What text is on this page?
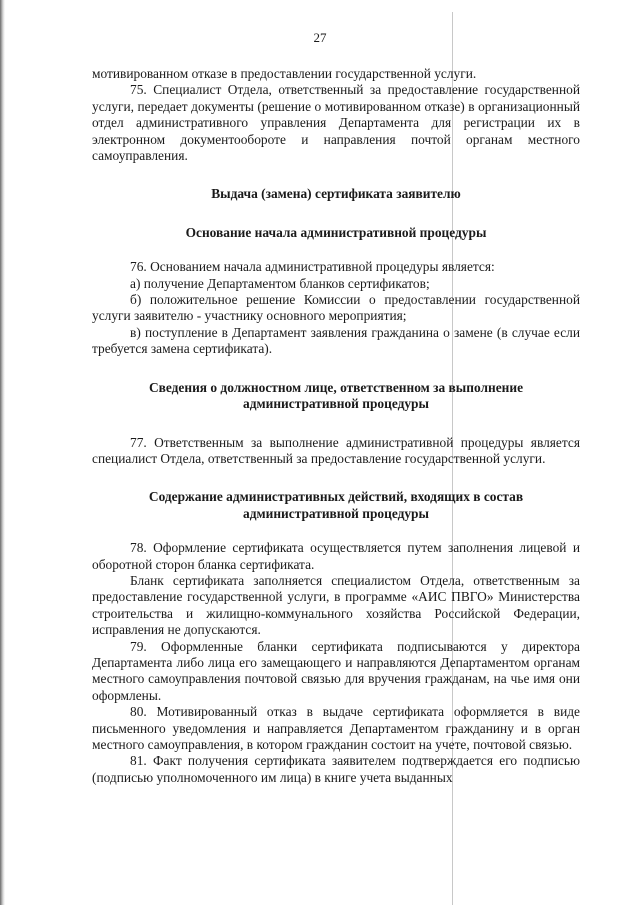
27

мотивированном отказе в предоставлении государственной услуги.

75. Специалист Отдела, ответственный за предоставление государственной услуги, передает документы (решение о мотивированном отказе) в организационный отдел административного управления Департамента для регистрации их в электронном документообороте и направления почтой органам местного самоуправления.

Выдача (замена) сертификата заявителю
Основание начала административной процедуры

76. Основанием начала административной процедуры является:

а) получение Департаментом бланков сертификатов;

б) положительное решение Комиссии о предоставлении государственной услуги заявителю - участнику основного мероприятия;

в) поступление в Департамент заявления гражданина о замене (в случае если требуется замена сертификата).

Сведения о должностном лице, ответственном за выполнение административной процедуры

77. Ответственным за выполнение административной процедуры является специалист Отдела, ответственный за предоставление государственной услуги.

Содержание административных действий, входящих в состав административной процедуры

78. Оформление сертификата осуществляется путем заполнения лицевой и оборотной сторон бланка сертификата.

Бланк сертификата заполняется специалистом Отдела, ответственным за предоставление государственной услуги, в программе «АИС ПВГО» Министерства строительства и жилищно-коммунального хозяйства Российской Федерации, исправления не допускаются.

79. Оформленные бланки сертификата подписываются у директора Департамента либо лица его замещающего и направляются Департаментом органам местного самоуправления почтовой связью для вручения гражданам, на чье имя они оформлены.

80. Мотивированный отказ в выдаче сертификата оформляется в виде письменного уведомления и направляется Департаментом гражданину и в орган местного самоуправления, в котором гражданин состоит на учете, почтовой связью.

81. Факт получения сертификата заявителем подтверждается его подписью (подписью уполномоченного им лица) в книге учета выданных
